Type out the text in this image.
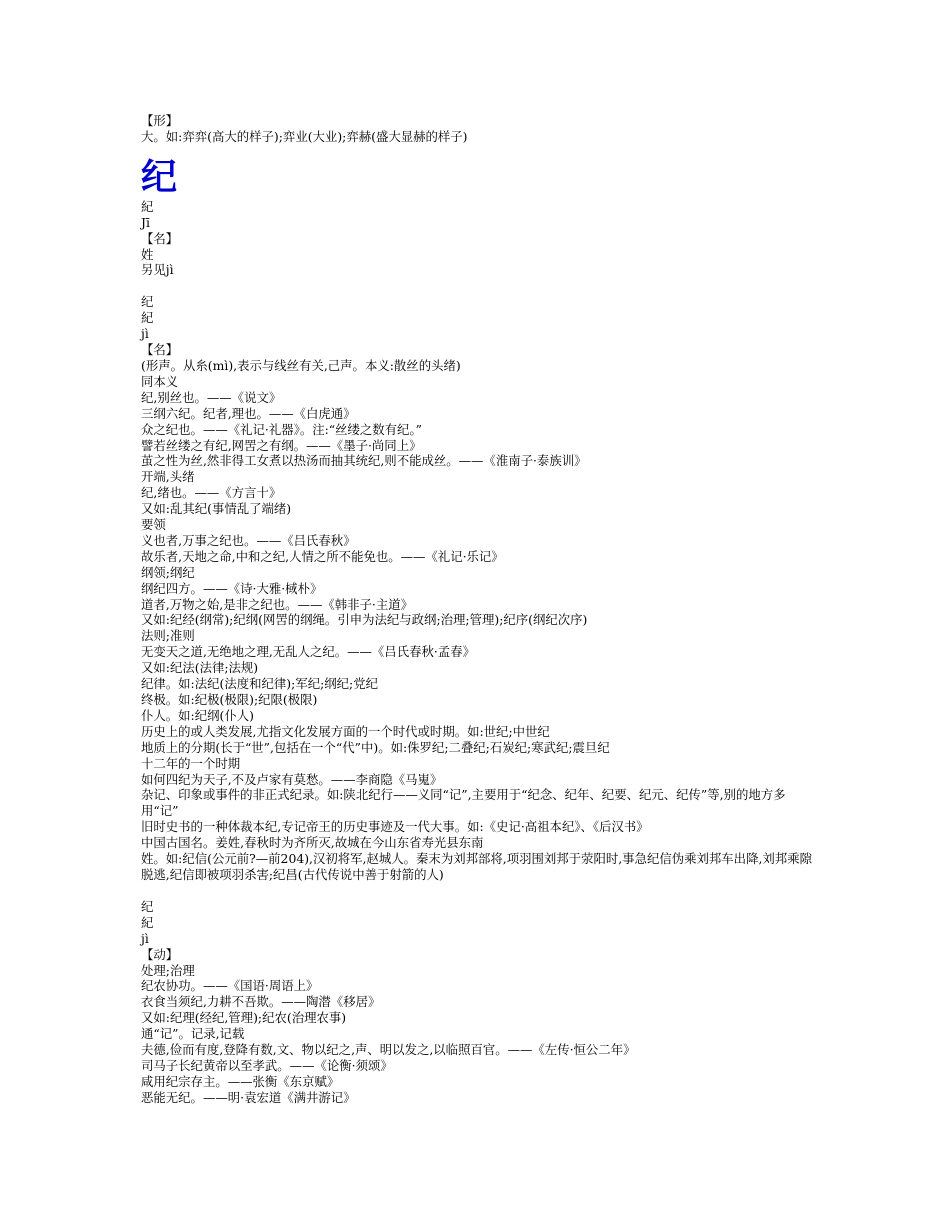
【形】
大。如:弈弈(高大的样子);弈业(大业);弈赫(盛大显赫的样子)
纪
紀
Jī
【名】
姓
另见jì
纪
紀
jì
【名】
(形声。从糸(mì),表示与线丝有关,己声。本义:散丝的头绪)
同本义
纪,别丝也。——《说文》
三纲六纪。纪者,理也。——《白虎通》
众之纪也。——《礼记·礼器》。注:“丝缕之数有纪。”
譬若丝缕之有纪,网罟之有纲。——《墨子·尚同上》
茧之性为丝,然非得工女煮以热汤而抽其统纪,则不能成丝。——《淮南子·泰族训》
开端,头绪
纪,绪也。——《方言十》
又如:乱其纪(事情乱了端绪)
要领
义也者,万事之纪也。——《吕氏春秋》
故乐者,天地之命,中和之纪,人情之所不能免也。——《礼记·乐记》
纲领;纲纪
纲纪四方。——《诗·大雅·棫朴》
道者,万物之始,是非之纪也。——《韩非子·主道》
又如:纪经(纲常);纪纲(网罟的纲绳。引申为法纪与政纲;治理;管理);纪序(纲纪次序)
法则;准则
无变天之道,无绝地之理,无乱人之纪。——《吕氏春秋·孟春》
又如:纪法(法律;法规)
纪律。如:法纪(法度和纪律);军纪;纲纪;党纪
终极。如:纪极(极限);纪限(极限)
仆人。如:纪纲(仆人)
历史上的或人类发展,尤指文化发展方面的一个时代或时期。如:世纪;中世纪
地质上的分期(长于“世”,包括在一个“代”中)。如:侏罗纪;二叠纪;石炭纪;寒武纪;震旦纪
十二年的一个时期
如何四纪为天子,不及卢家有莫愁。——李商隐《马嵬》
杂记、印象或事件的非正式纪录。如:陕北纪行——义同“记”,主要用于“纪念、纪年、纪要、纪元、纪传”等,别的地方多用“记”
旧时史书的一种体裁本纪,专记帝王的历史事迹及一代大事。如:《史记·高祖本纪》、《后汉书》
中国古国名。姜姓,春秋时为齐所灭,故城在今山东省寿光县东南
姓。如:纪信(公元前?—前204),汉初将军,赵城人。秦末为刘邦部将,项羽围刘邦于荥阳时,事急纪信伪乘刘邦车出降,刘邦乘隙脱逃,纪信即被项羽杀害;纪昌(古代传说中善于射箭的人)
纪
紀
jì
【动】
处理;治理
纪农协功。——《国语·周语上》
衣食当须纪,力耕不吾欺。——陶潜《移居》
又如:纪理(经纪,管理);纪农(治理农事)
通“记”。记录,记载
夫德,俭而有度,登降有数,文、物以纪之,声、明以发之,以临照百官。——《左传·恒公二年》
司马子长纪黄帝以至孝武。——《论衡·须颂》
咸用纪宗存主。——张衡《东京赋》
恶能无纪。——明·袁宏道《满井游记》
